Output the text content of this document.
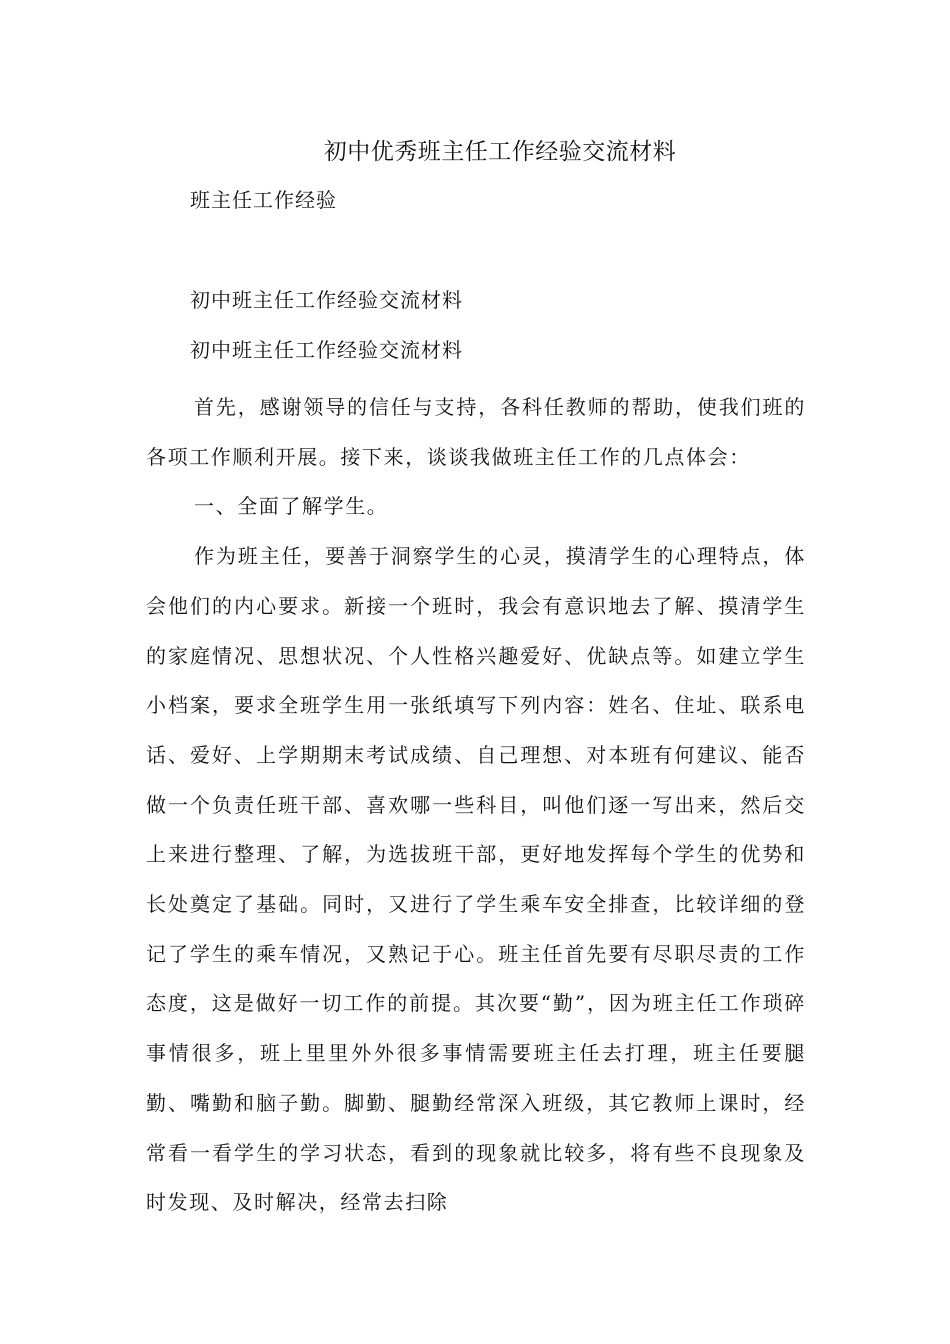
初中优秀班主任工作经验交流材料
班主任工作经验
初中班主任工作经验交流材料
初中班主任工作经验交流材料

首先，感谢领导的信任与支持，各科任教师的帮助，使我们班的各项工作顺利开展。接下来，谈谈我做班主任工作的几点体会：

一、全面了解学生。

作为班主任，要善于洞察学生的心灵，摸清学生的心理特点，体会他们的内心要求。新接一个班时，我会有意识地去了解、摸清学生的家庭情况、思想状况、个人性格兴趣爱好、优缺点等。如建立学生小档案，要求全班学生用一张纸填写下列内容：姓名、住址、联系电话、爱好、上学期期末考试成绩、自己理想、对本班有何建议、能否做一个负责任班干部、喜欢哪一些科目，叫他们逐一写出来，然后交上来进行整理、了解，为选拔班干部，更好地发挥每个学生的优势和长处奠定了基础。同时，又进行了学生乘车安全排查，比较详细的登记了学生的乘车情况，又熟记于心。班主任首先要有尽职尽责的工作态度，这是做好一切工作的前提。其次要“勤”，因为班主任工作琐碎事情很多，班上里里外外很多事情需要班主任去打理，班主任要腿勤、嘴勤和脑子勤。脚勤、腿勤经常深入班级，其它教师上课时，经常看一看学生的学习状态，看到的现象就比较多，将有些不良现象及时发现、及时解决，经常去扫除
